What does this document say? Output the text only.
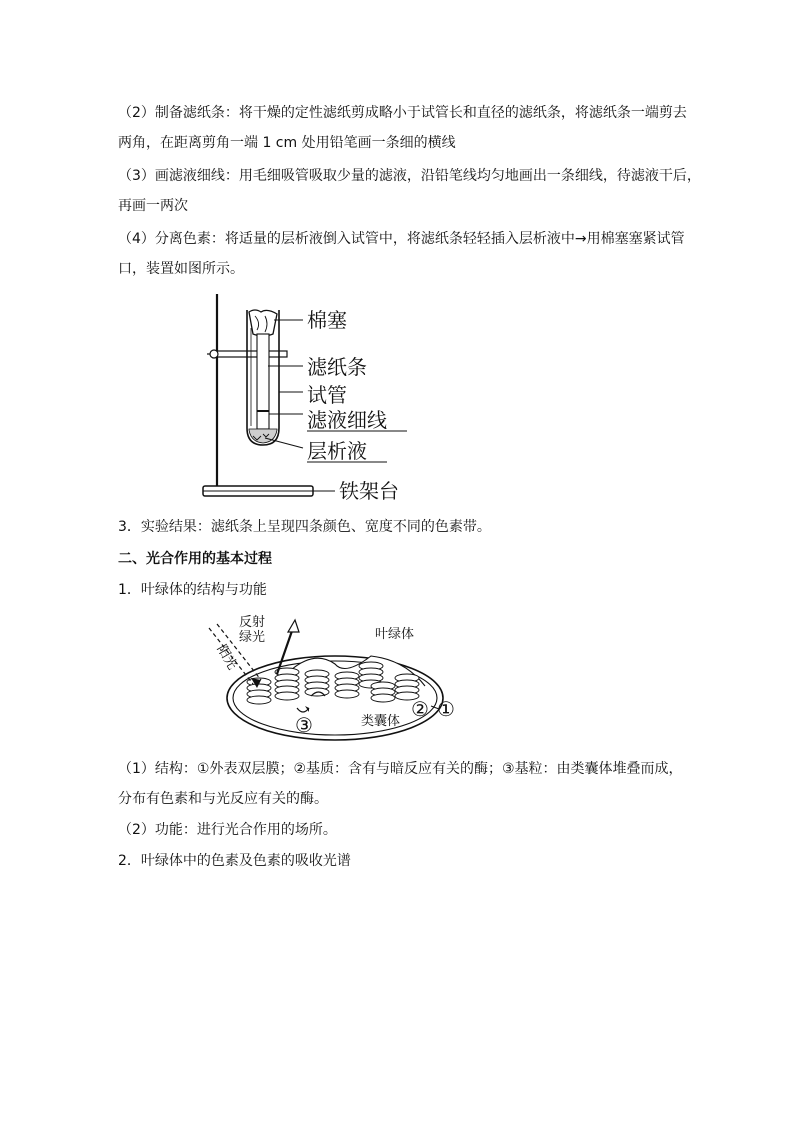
（2）制备滤纸条：将干燥的定性滤纸剪成略小于试管长和直径的滤纸条，将滤纸条一端剪去
两角，在距离剪角一端 1 cm 处用铅笔画一条细的横线
（3）画滤液细线：用毛细吸管吸取少量的滤液，沿铅笔线均匀地画出一条细线，待滤液干后，
再画一两次
（4）分离色素：将适量的层析液倒入试管中，将滤纸条轻轻插入层析液中→用棉塞塞紧试管
口，装置如图所示。
棉塞
滤纸条
试管
滤液细线
层析液
铁架台
3．实验结果：滤纸条上呈现四条颜色、宽度不同的色素带。
二、光合作用的基本过程
1．叶绿体的结构与功能
反射
绿光
阳光
叶绿体
类囊体
② ①
③
（1）结构：①外表双层膜；②基质：含有与暗反应有关的酶；③基粒：由类囊体堆叠而成，
分布有色素和与光反应有关的酶。
（2）功能：进行光合作用的场所。
2．叶绿体中的色素及色素的吸收光谱
